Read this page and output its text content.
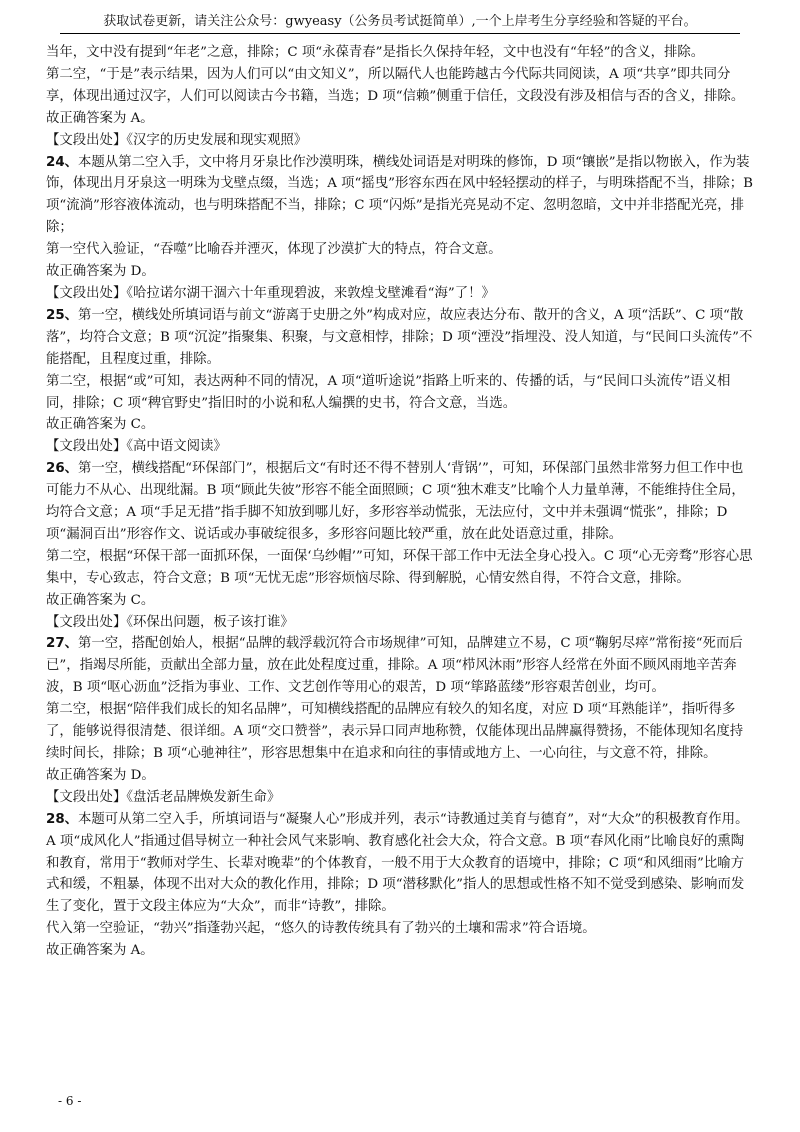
获取试卷更新，请关注公众号：gwyeasy（公务员考试挺简单）,一个上岸考生分享经验和答疑的平台。

当年，文中没有提到“年老”之意，排除；C 项“永葆青春”是指长久保持年轻，文中也没有“年轻”的含义，排除。

第二空，“于是”表示结果，因为人们可以“由文知义”，所以隔代人也能跨越古今代际共同阅读，A 项“共享”即共同分享，体现出通过汉字，人们可以阅读古今书籍，当选；D 项“信赖”侧重于信任，文段没有涉及相信与否的含义，排除。

故正确答案为 A。

【文段出处】《汉字的历史发展和现实观照》

24、本题从第二空入手，文中将月牙泉比作沙漠明珠，横线处词语是对明珠的修饰，D 项“镶嵌”是指以物嵌入，作为装饰，体现出月牙泉这一明珠为戈壁点缀，当选；A 项“摇曳”形容东西在风中轻轻摆动的样子，与明珠搭配不当，排除；B 项“流淌”形容液体流动，也与明珠搭配不当，排除；C 项“闪烁”是指光亮晃动不定、忽明忽暗，文中并非搭配光亮，排除；

第一空代入验证，“吞噬”比喻吞并湮灭，体现了沙漠扩大的特点，符合文意。

故正确答案为 D。

【文段出处】《哈拉诺尔湖干涸六十年重现碧波，来敦煌戈壁滩看“海”了！》

25、第一空，横线处所填词语与前文“游离于史册之外”构成对应，故应表达分布、散开的含义，A 项“活跃”、C 项“散落”，均符合文意；B 项“沉淀”指聚集、积聚，与文意相悖，排除；D 项“湮没”指埋没、没人知道，与“民间口头流传”不能搭配，且程度过重，排除。

第二空，根据“或”可知，表达两种不同的情况，A 项“道听途说”指路上听来的、传播的话，与“民间口头流传”语义相同，排除；C 项“稗官野史”指旧时的小说和私人编撰的史书，符合文意，当选。

故正确答案为 C。

【文段出处】《高中语文阅读》

26、第一空，横线搭配“环保部门”，根据后文“有时还不得不替别人‘背锅’”，可知，环保部门虽然非常努力但工作中也可能力不从心、出现纰漏。B 项“顾此失彼”形容不能全面照顾；C 项“独木难支”比喻个人力量单薄，不能维持住全局，均符合文意；A 项“手足无措”指手脚不知放到哪儿好，多形容举动慌张，无法应付，文中并未强调“慌张”，排除；D 项“漏洞百出”形容作文、说话或办事破绽很多，多形容问题比较严重，放在此处语意过重，排除。

第二空，根据“环保干部一面抓环保，一面保‘乌纱帽’”可知，环保干部工作中无法全身心投入。C 项“心无旁骛”形容心思集中，专心致志，符合文意；B 项“无忧无虑”形容烦恼尽除、得到解脱，心情安然自得，不符合文意，排除。

故正确答案为 C。

【文段出处】《环保出问题，板子该打谁》

27、第一空，搭配创始人，根据“品牌的载浮载沉符合市场规律”可知，品牌建立不易，C 项“鞠躬尽瘁”常衔接“死而后已”，指竭尽所能，贡献出全部力量，放在此处程度过重，排除。A 项“栉风沐雨”形容人经常在外面不顾风雨地辛苦奔波，B 项“呕心沥血”泛指为事业、工作、文艺创作等用心的艰苦，D 项“筚路蓝缕”形容艰苦创业，均可。

第二空，根据“陪伴我们成长的知名品牌”，可知横线搭配的品牌应有较久的知名度，对应 D 项“耳熟能详”，指听得多了，能够说得很清楚、很详细。A 项“交口赞誉”，表示异口同声地称赞，仅能体现出品牌赢得赞扬，不能体现知名度持续时间长，排除；B 项“心驰神往”，形容思想集中在追求和向往的事情或地方上、一心向往，与文意不符，排除。

故正确答案为 D。

【文段出处】《盘活老品牌焕发新生命》

28、本题可从第二空入手，所填词语与“凝聚人心”形成并列，表示“诗教通过美育与德育”，对“大众”的积极教育作用。A 项“成风化人”指通过倡导树立一种社会风气来影响、教育感化社会大众，符合文意。B 项“春风化雨”比喻良好的熏陶和教育，常用于“教师对学生、长辈对晚辈”的个体教育，一般不用于大众教育的语境中，排除；C 项“和风细雨”比喻方式和缓，不粗暴，体现不出对大众的教化作用，排除；D 项“潜移默化”指人的思想或性格不知不觉受到感染、影响而发生了变化，置于文段主体应为“大众”，而非“诗教”，排除。

代入第一空验证，“勃兴”指蓬勃兴起，“悠久的诗教传统具有了勃兴的土壤和需求”符合语境。

故正确答案为 A。

- 6 -
